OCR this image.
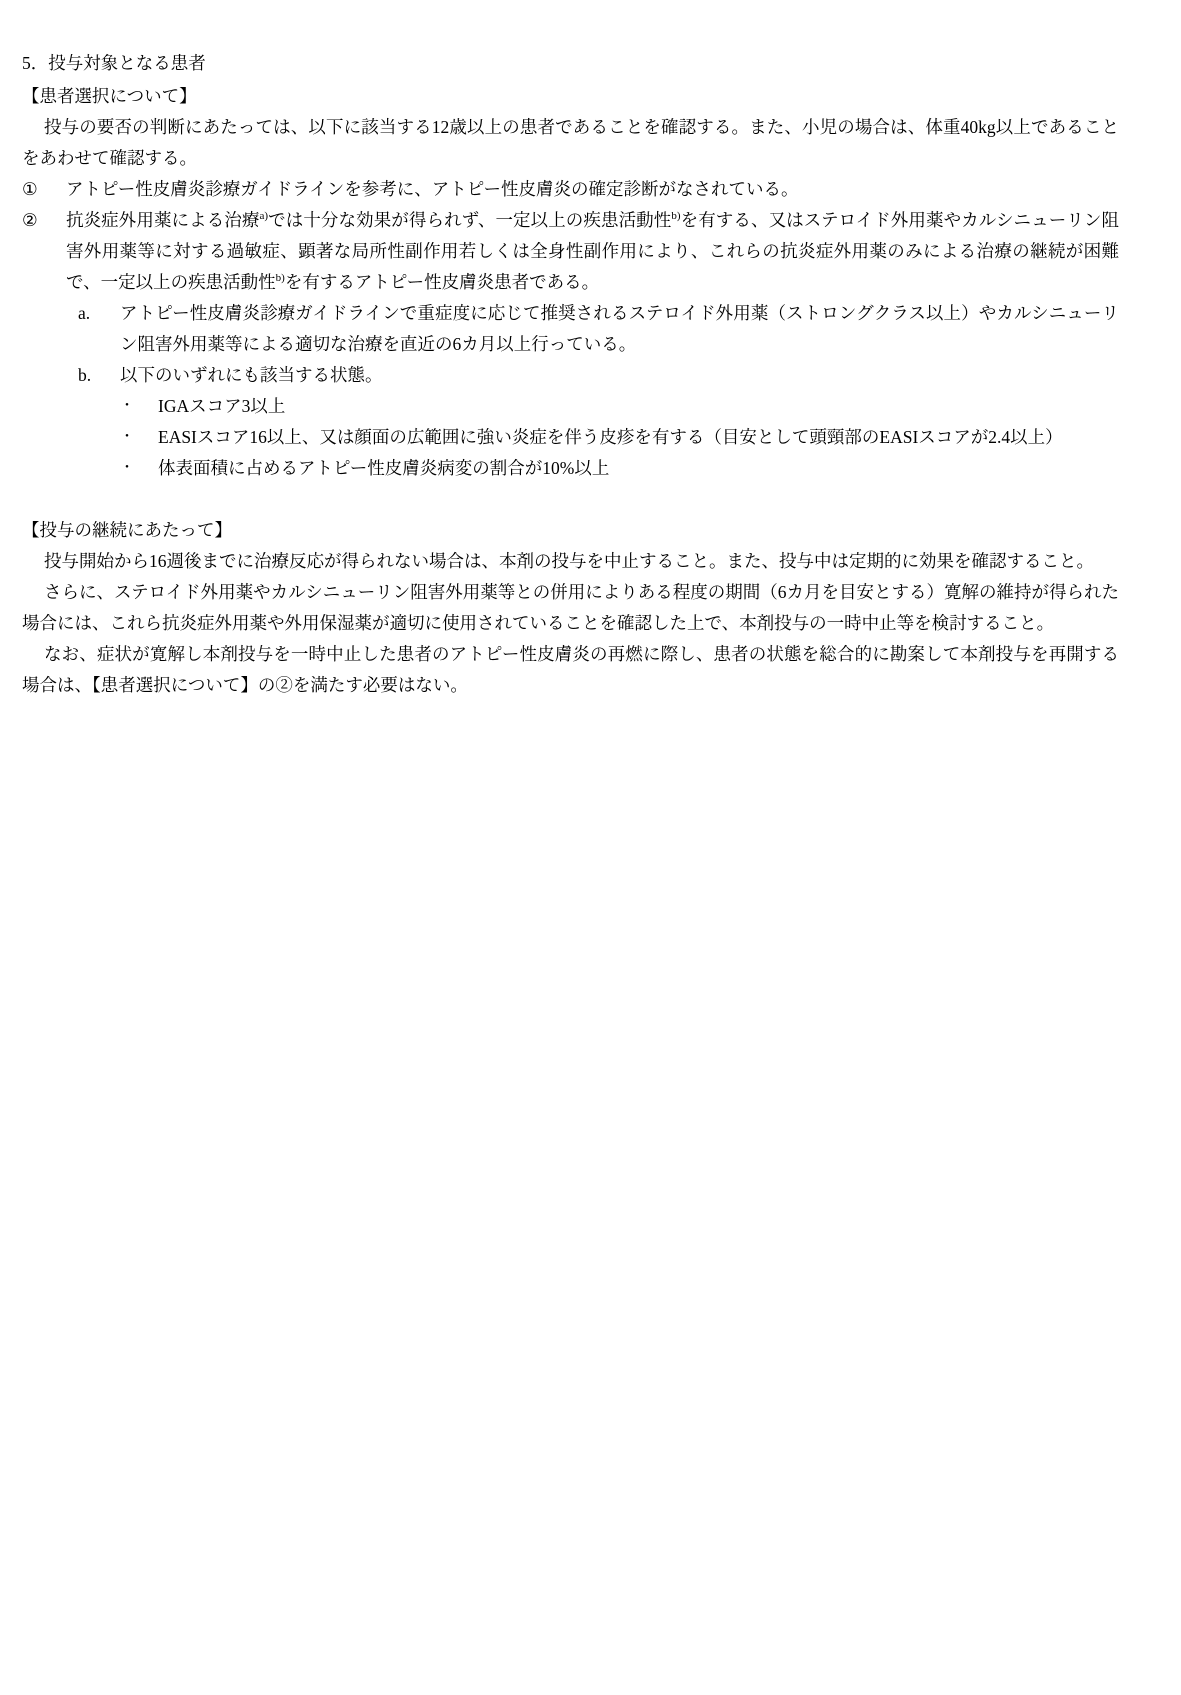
5．投与対象となる患者
【患者選択について】

投与の要否の判断にあたっては、以下に該当する12歳以上の患者であることを確認する。また、小児の場合は、体重40kg以上であることをあわせて確認する。

①	アトピー性皮膚炎診療ガイドラインを参考に、アトピー性皮膚炎の確定診断がなされている。
②	抗炎症外用薬による治療$^{a)}$では十分な効果が得られず、一定以上の疾患活動性$^{b)}$を有する、又はステロイド外用薬やカルシニューリン阻害外用薬等に対する過敏症、顕著な局所性副作用若しくは全身性副作用により、これらの抗炎症外用薬のみによる治療の継続が困難で、一定以上の疾患活動性$^{b)}$を有するアトピー性皮膚炎患者である。
a.	アトピー性皮膚炎診療ガイドラインで重症度に応じて推奨されるステロイド外用薬（ストロングクラス以上）やカルシニューリン阻害外用薬等による適切な治療を直近の6カ月以上行っている。
b.	以下のいずれにも該当する状態。
・	IGAスコア3以上
・	EASIスコア16以上、又は顔面の広範囲に強い炎症を伴う皮疹を有する（目安として頭頸部のEASIスコアが2.4以上）
・	体表面積に占めるアトピー性皮膚炎病変の割合が10%以上
【投与の継続にあたって】

投与開始から16週後までに治療反応が得られない場合は、本剤の投与を中止すること。また、投与中は定期的に効果を確認すること。

さらに、ステロイド外用薬やカルシニューリン阻害外用薬等との併用によりある程度の期間（6カ月を目安とする）寛解の維持が得られた場合には、これら抗炎症外用薬や外用保湿薬が適切に使用されていることを確認した上で、本剤投与の一時中止等を検討すること。

なお、症状が寛解し本剤投与を一時中止した患者のアトピー性皮膚炎の再燃に際し、患者の状態を総合的に勘案して本剤投与を再開する場合は、【患者選択について】の②を満たす必要はない。
